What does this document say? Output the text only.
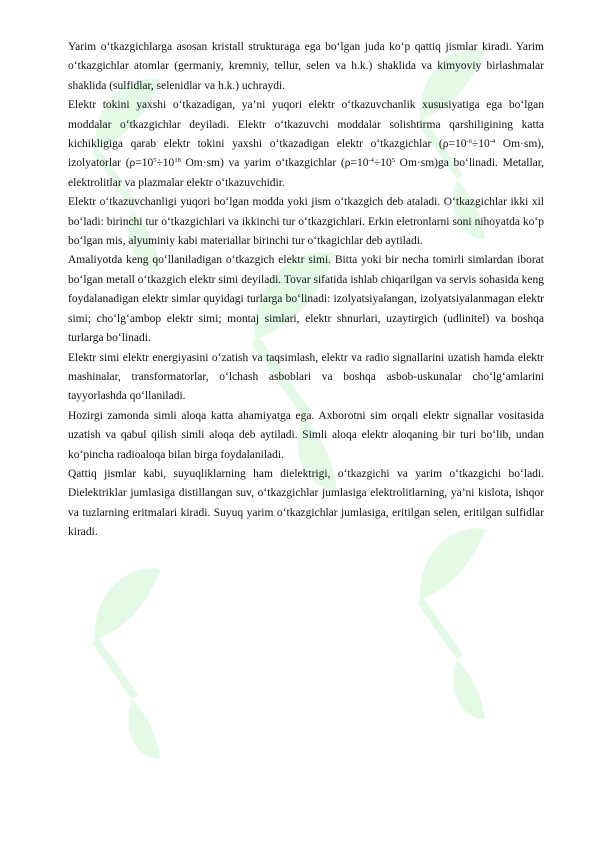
Yarim o‘tkazgichlarga asosan kristall strukturaga ega bo‘lgan juda ko‘p qattiq jismlar kiradi. Yarim o‘tkazgichlar atomlar (germaniy, kremniy, tellur, selen va h.k.) shaklida va kimyoviy birlashmalar shaklida (sulfidlar, selenidlar va h.k.) uchraydi.

Elektr tokini yaxshi o‘tkazadigan, ya’ni yuqori elektr o‘tkazuvchanlik xususiyatiga ega bo‘lgan moddalar o‘tkazgichlar deyiladi. Elektr o‘tkazuvchi moddalar solishtirma qarshiligining katta kichikligiga qarab elektr tokini yaxshi o‘tkazadigan elektr o‘tkazgichlar ($\rho=10^{-6}\div 10^{-4}$ Om·sm), izolyatorlar ($\rho=10^5\div 10^{18}$ Om·sm) va yarim o‘tkazgichlar ($\rho=10^{-4}\div 10^5$ Om·sm)ga bo‘linadi. Metallar, elektrolitlar va plazmalar elektr o‘tkazuvchidir.

Elektr o‘tkazuvchanligi yuqori bo‘lgan modda yoki jism o‘tkazgich deb ataladi. O‘tkazgichlar ikki xil bo‘ladi: birinchi tur o‘tkazgichlari va ikkinchi tur o‘tkazgichlari. Erkin eletronlarni soni nihoyatda ko‘p bo‘lgan mis, alyuminiy kabi materiallar birinchi tur o‘tkagichlar deb aytiladi.

Amaliyotda keng qo‘llaniladigan o‘tkazgich elektr simi. Bitta yoki bir necha tomirli simlardan iborat bo‘lgan metall o‘tkazgich elektr simi deyiladi. Tovar sifatida ishlab chiqarilgan va servis sohasida keng foydalanadigan elektr simlar quyidagi turlarga bo‘linadi: izolyatsiyalangan, izolyatsiyalanmagan elektr simi; cho‘lg‘ambop elektr simi; montaj simlari, elektr shnurlari, uzaytirgich (udlinitel) va boshqa turlarga bo‘linadi.

Elektr simi elektr energiyasini o‘zatish va taqsimlash, elektr va radio signallarini uzatish hamda elektr mashinalar, transformatorlar, o‘lchash asboblari va boshqa asbob-uskunalar cho‘lg‘amlarini tayyorlashda qo‘llaniladi.

Hozirgi zamonda simli aloqa katta ahamiyatga ega. Axborotni sim orqali elektr signallar vositasida uzatish va qabul qilish simli aloqa deb aytiladi. Simli aloqa elektr aloqaning bir turi bo‘lib, undan ko‘pincha radioaloqa bilan birga foydalaniladi.

Qattiq jismlar kabi, suyuqliklarning ham dielektrigi, o‘tkazgichi va yarim o‘tkazgichi bo‘ladi. Dielektriklar jumlasiga distillangan suv, o‘tkazgichlar jumlasiga elektrolitlarning, ya’ni kislota, ishqor va tuzlarning eritmalari kiradi. Suyuq yarim o‘tkazgichlar jumlasiga, eritilgan selen, eritilgan sulfidlar kiradi.
